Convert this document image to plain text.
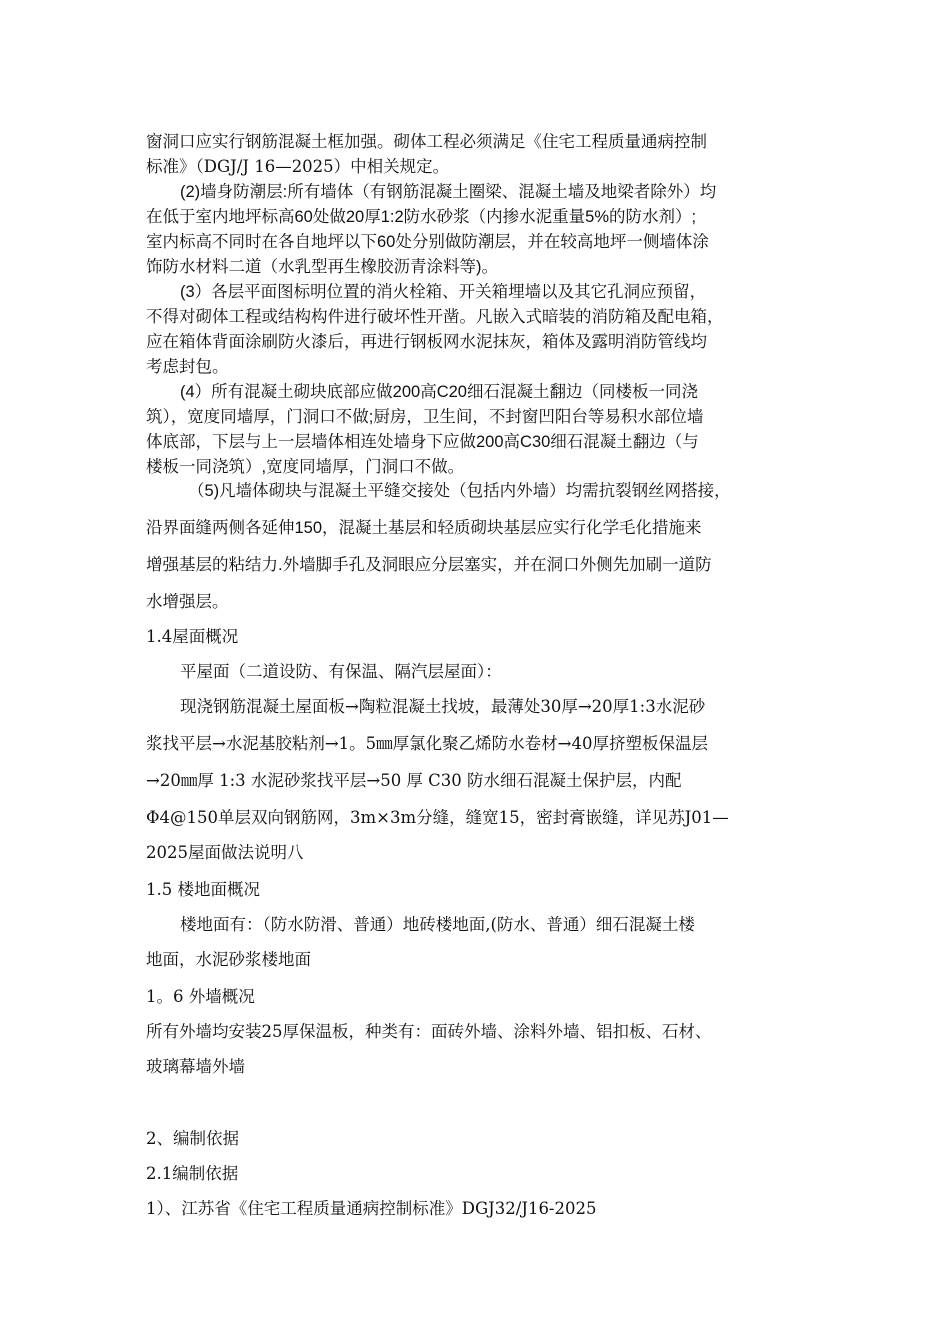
窗洞口应实行钢筋混凝土框加强。砌体工程必须满足《住宅工程质量通病控制
标准》（DGJ/J 16—2025）中相关规定。
(2)墙身防潮层:所有墙体（有钢筋混凝土圈梁、混凝土墙及地梁者除外）均
在低于室内地坪标高60处做20厚1:2防水砂浆（内掺水泥重量5%的防水剂）;
室内标高不同时在各自地坪以下60处分别做防潮层，并在较高地坪一侧墙体涂
饰防水材料二道（水乳型再生橡胶沥青涂料等)。
(3）各层平面图标明位置的消火栓箱、开关箱埋墙以及其它孔洞应预留，
不得对砌体工程或结构构件进行破坏性开凿。凡嵌入式暗装的消防箱及配电箱，
应在箱体背面涂刷防火漆后，再进行钢板网水泥抹灰，箱体及露明消防管线均
考虑封包。
(4）所有混凝土砌块底部应做200高C20细石混凝土翻边（同楼板一同浇
筑），宽度同墙厚，门洞口不做;厨房，卫生间，不封窗凹阳台等易积水部位墙
体底部，下层与上一层墙体相连处墙身下应做200高C30细石混凝土翻边（与
楼板一同浇筑）,宽度同墙厚，门洞口不做。
（5)凡墙体砌块与混凝土平缝交接处（包括内外墙）均需抗裂钢丝网搭接，
沿界面缝两侧各延伸150，混凝土基层和轻质砌块基层应实行化学毛化措施来
增强基层的粘结力.外墙脚手孔及洞眼应分层塞实，并在洞口外侧先加刷一道防
水增强层。
1.4屋面概况
平屋面（二道设防、有保温、隔汽层屋面）：
现浇钢筋混凝土屋面板→陶粒混凝土找坡，最薄处30厚→20厚1:3水泥砂
浆找平层→水泥基胶粘剂→1。5㎜厚氯化聚乙烯防水卷材→40厚挤塑板保温层
→20㎜厚 1:3 水泥砂浆找平层→50 厚 C30 防水细石混凝土保护层，内配
Φ4@150单层双向钢筋网，3m×3m分缝，缝宽15，密封膏嵌缝，详见苏J01—
2025屋面做法说明八
1.5 楼地面概况
楼地面有：（防水防滑、普通）地砖楼地面,(防水、普通）细石混凝土楼
地面，水泥砂浆楼地面
1。6 外墙概况
所有外墙均安装25厚保温板，种类有：面砖外墙、涂料外墙、铝扣板、石材、
玻璃幕墙外墙
2、编制依据
2.1编制依据
1）、江苏省《住宅工程质量通病控制标准》DGJ32/J16-2025
